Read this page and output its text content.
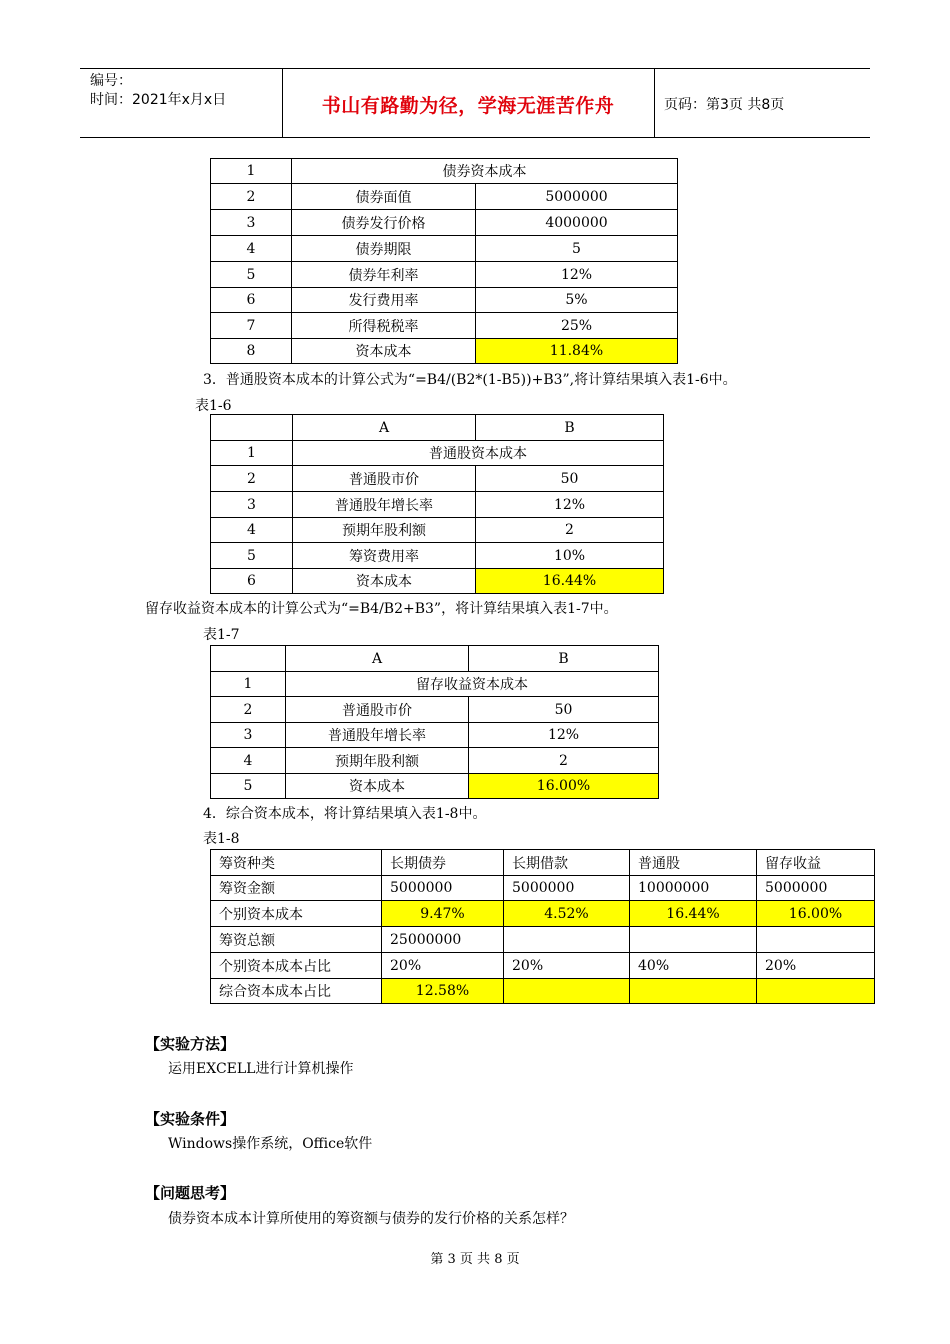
编号：
时间：2021年x月x日	书山有路勤为径，学海无涯苦作舟	页码：第3页 共8页
1	债券资本成本	
2	债券面值	5000000
3	债券发行价格	4000000
4	债券期限	5
5	债券年利率	12%
6	发行费用率	5%
7	所得税税率	25%
8	资本成本	11.84%
3．普通股资本成本的计算公式为“=B4/(B2*(1-B5))+B3”,将计算结果填入表1-6中。
表1-6
	A	B
1	普通股资本成本	
2	普通股市价	50
3	普通股年增长率	12%
4	预期年股利额	2
5	筹资费用率	10%
6	资本成本	16.44%
留存收益资本成本的计算公式为“=B4/B2+B3”，将计算结果填入表1-7中。
表1-7
	A	B
1	留存收益资本成本	
2	普通股市价	50
3	普通股年增长率	12%
4	预期年股利额	2
5	资本成本	16.00%
4．综合资本成本，将计算结果填入表1-8中。
表1-8
筹资种类	长期债券	长期借款	普通股	留存收益
筹资金额	5000000	5000000	10000000	5000000
个别资本成本	9.47%	4.52%	16.44%	16.00%
筹资总额	25000000			
个别资本成本占比	20%	20%	40%	20%
综合资本成本占比	12.58%			
【实验方法】
运用EXCELL进行计算机操作
【实验条件】
Windows操作系统，Office软件
【问题思考】
债券资本成本计算所使用的筹资额与债券的发行价格的关系怎样？
第 3 页 共 8 页
